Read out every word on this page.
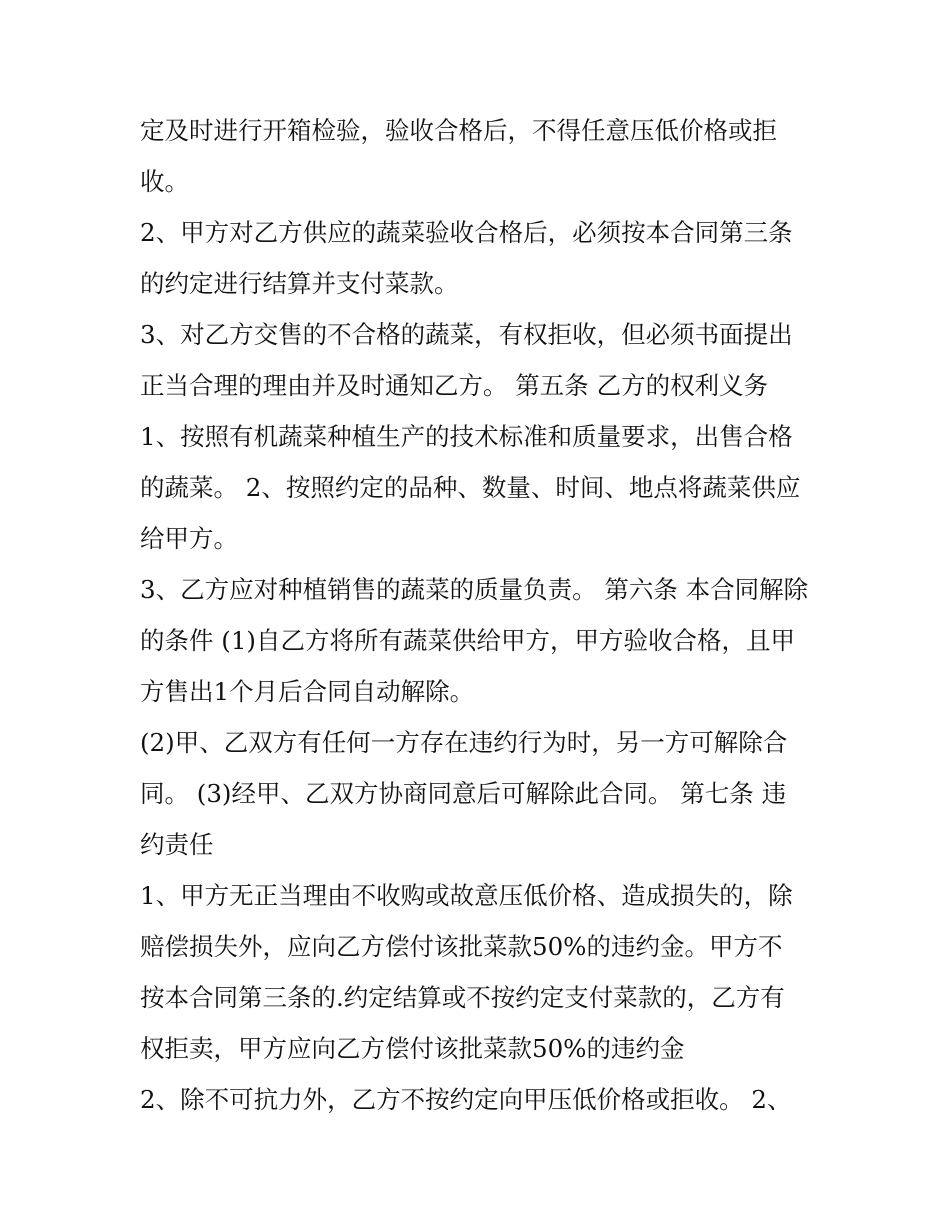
定及时进行开箱检验，验收合格后，不得任意压低价格或拒
收。
2、甲方对乙方供应的蔬菜验收合格后，必须按本合同第三条
的约定进行结算并支付菜款。
3、对乙方交售的不合格的蔬菜，有权拒收，但必须书面提出
正当合理的理由并及时通知乙方。 第五条 乙方的权利义务
1、按照有机蔬菜种植生产的技术标准和质量要求，出售合格
的蔬菜。 2、按照约定的品种、数量、时间、地点将蔬菜供应
给甲方。
3、乙方应对种植销售的蔬菜的质量负责。 第六条 本合同解除
的条件 (1)自乙方将所有蔬菜供给甲方，甲方验收合格，且甲
方售出1个月后合同自动解除。
(2)甲、乙双方有任何一方存在违约行为时，另一方可解除合
同。 (3)经甲、乙双方协商同意后可解除此合同。 第七条 违
约责任
1、甲方无正当理由不收购或故意压低价格、造成损失的，除
赔偿损失外，应向乙方偿付该批菜款50%的违约金。甲方不
按本合同第三条的.约定结算或不按约定支付菜款的，乙方有
权拒卖，甲方应向乙方偿付该批菜款50%的违约金
2、除不可抗力外，乙方不按约定向甲压低价格或拒收。 2、
